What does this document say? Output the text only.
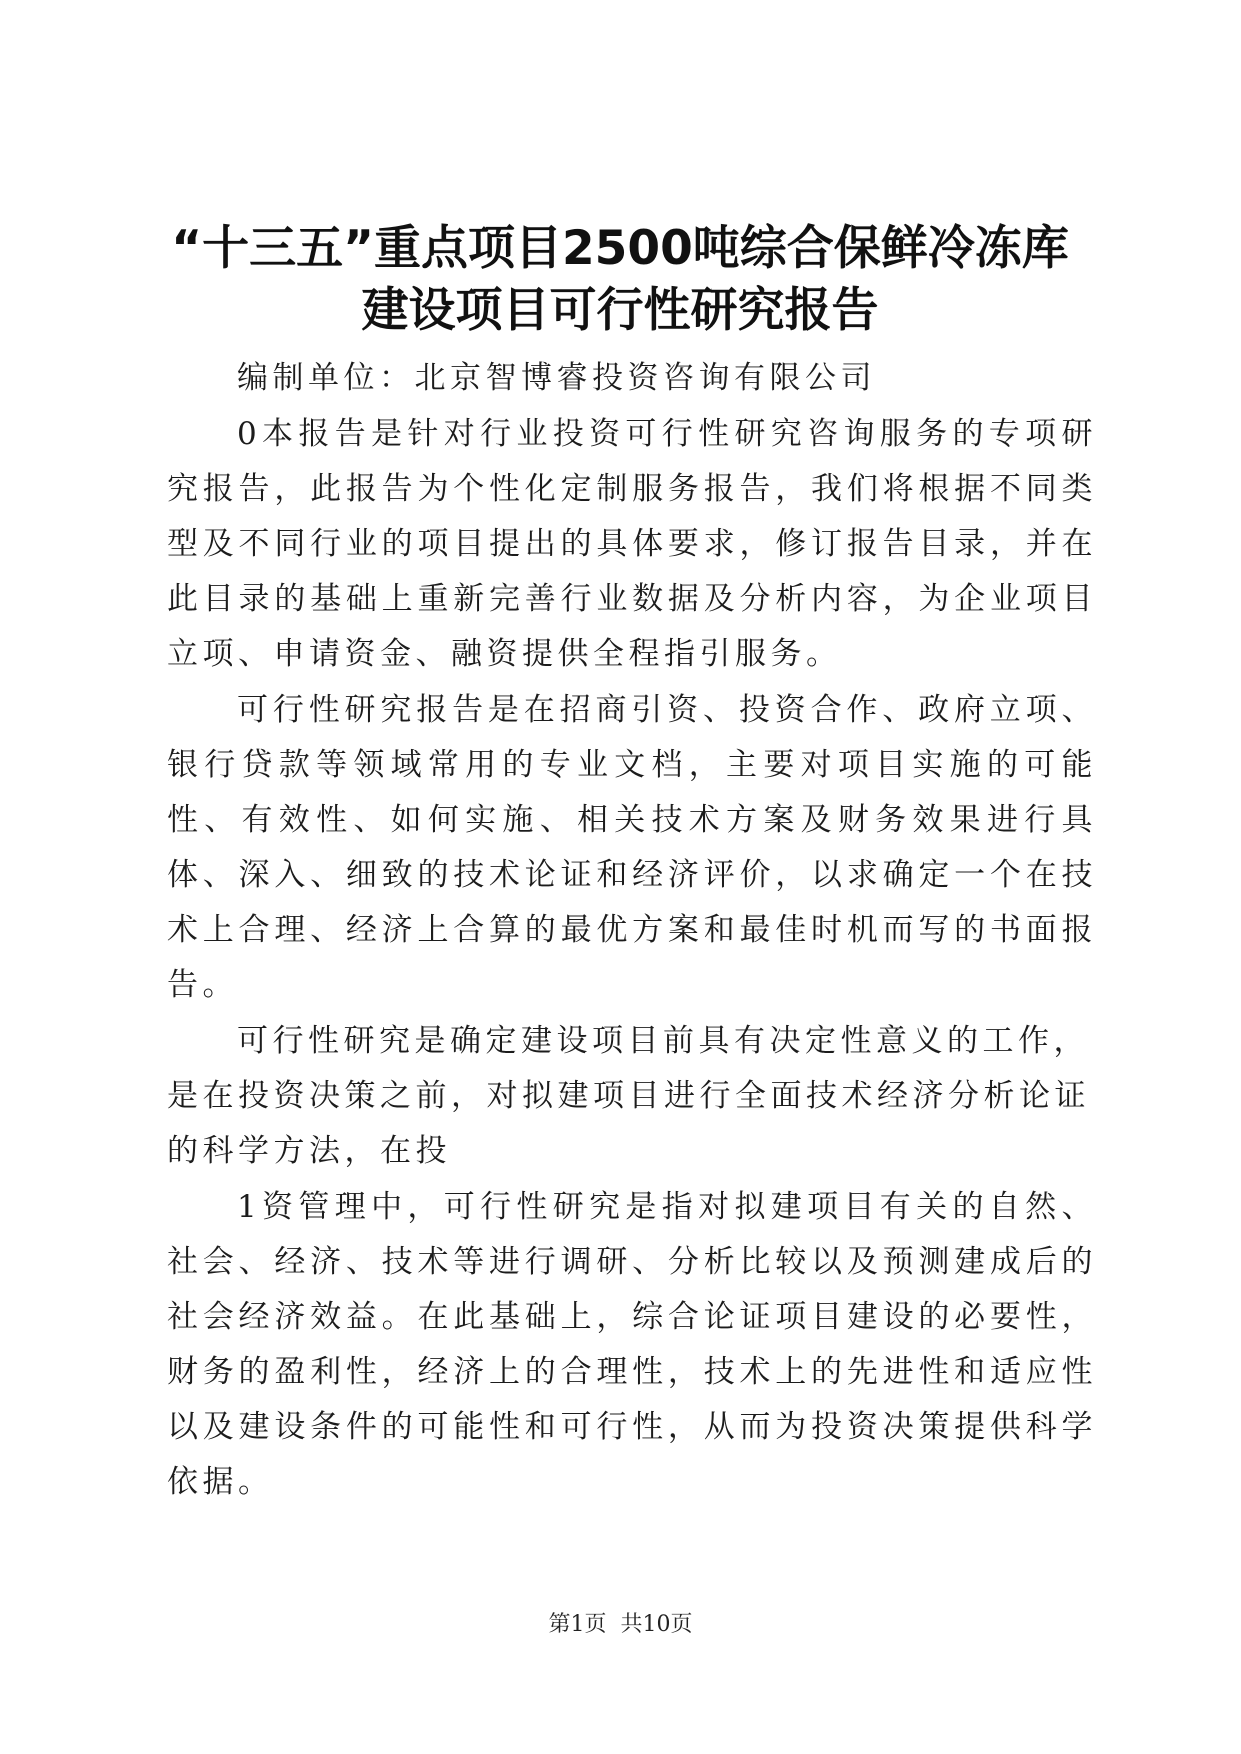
“十三五”重点项目2500吨综合保鲜冷冻库
建设项目可行性研究报告

编制单位：北京智博睿投资咨询有限公司

0本报告是针对行业投资可行性研究咨询服务的专项研究报告，此报告为个性化定制服务报告，我们将根据不同类型及不同行业的项目提出的具体要求，修订报告目录，并在此目录的基础上重新完善行业数据及分析内容，为企业项目立项、申请资金、融资提供全程指引服务。

可行性研究报告是在招商引资、投资合作、政府立项、银行贷款等领域常用的专业文档，主要对项目实施的可能性、有效性、如何实施、相关技术方案及财务效果进行具体、深入、细致的技术论证和经济评价，以求确定一个在技术上合理、经济上合算的最优方案和最佳时机而写的书面报告。

可行性研究是确定建设项目前具有决定性意义的工作，是在投资决策之前，对拟建项目进行全面技术经济分析论证的科学方法，在投

1资管理中，可行性研究是指对拟建项目有关的自然、社会、经济、技术等进行调研、分析比较以及预测建成后的社会经济效益。在此基础上，综合论证项目建设的必要性，财务的盈利性，经济上的合理性，技术上的先进性和适应性以及建设条件的可能性和可行性，从而为投资决策提供科学依据。

第1页  共10页
